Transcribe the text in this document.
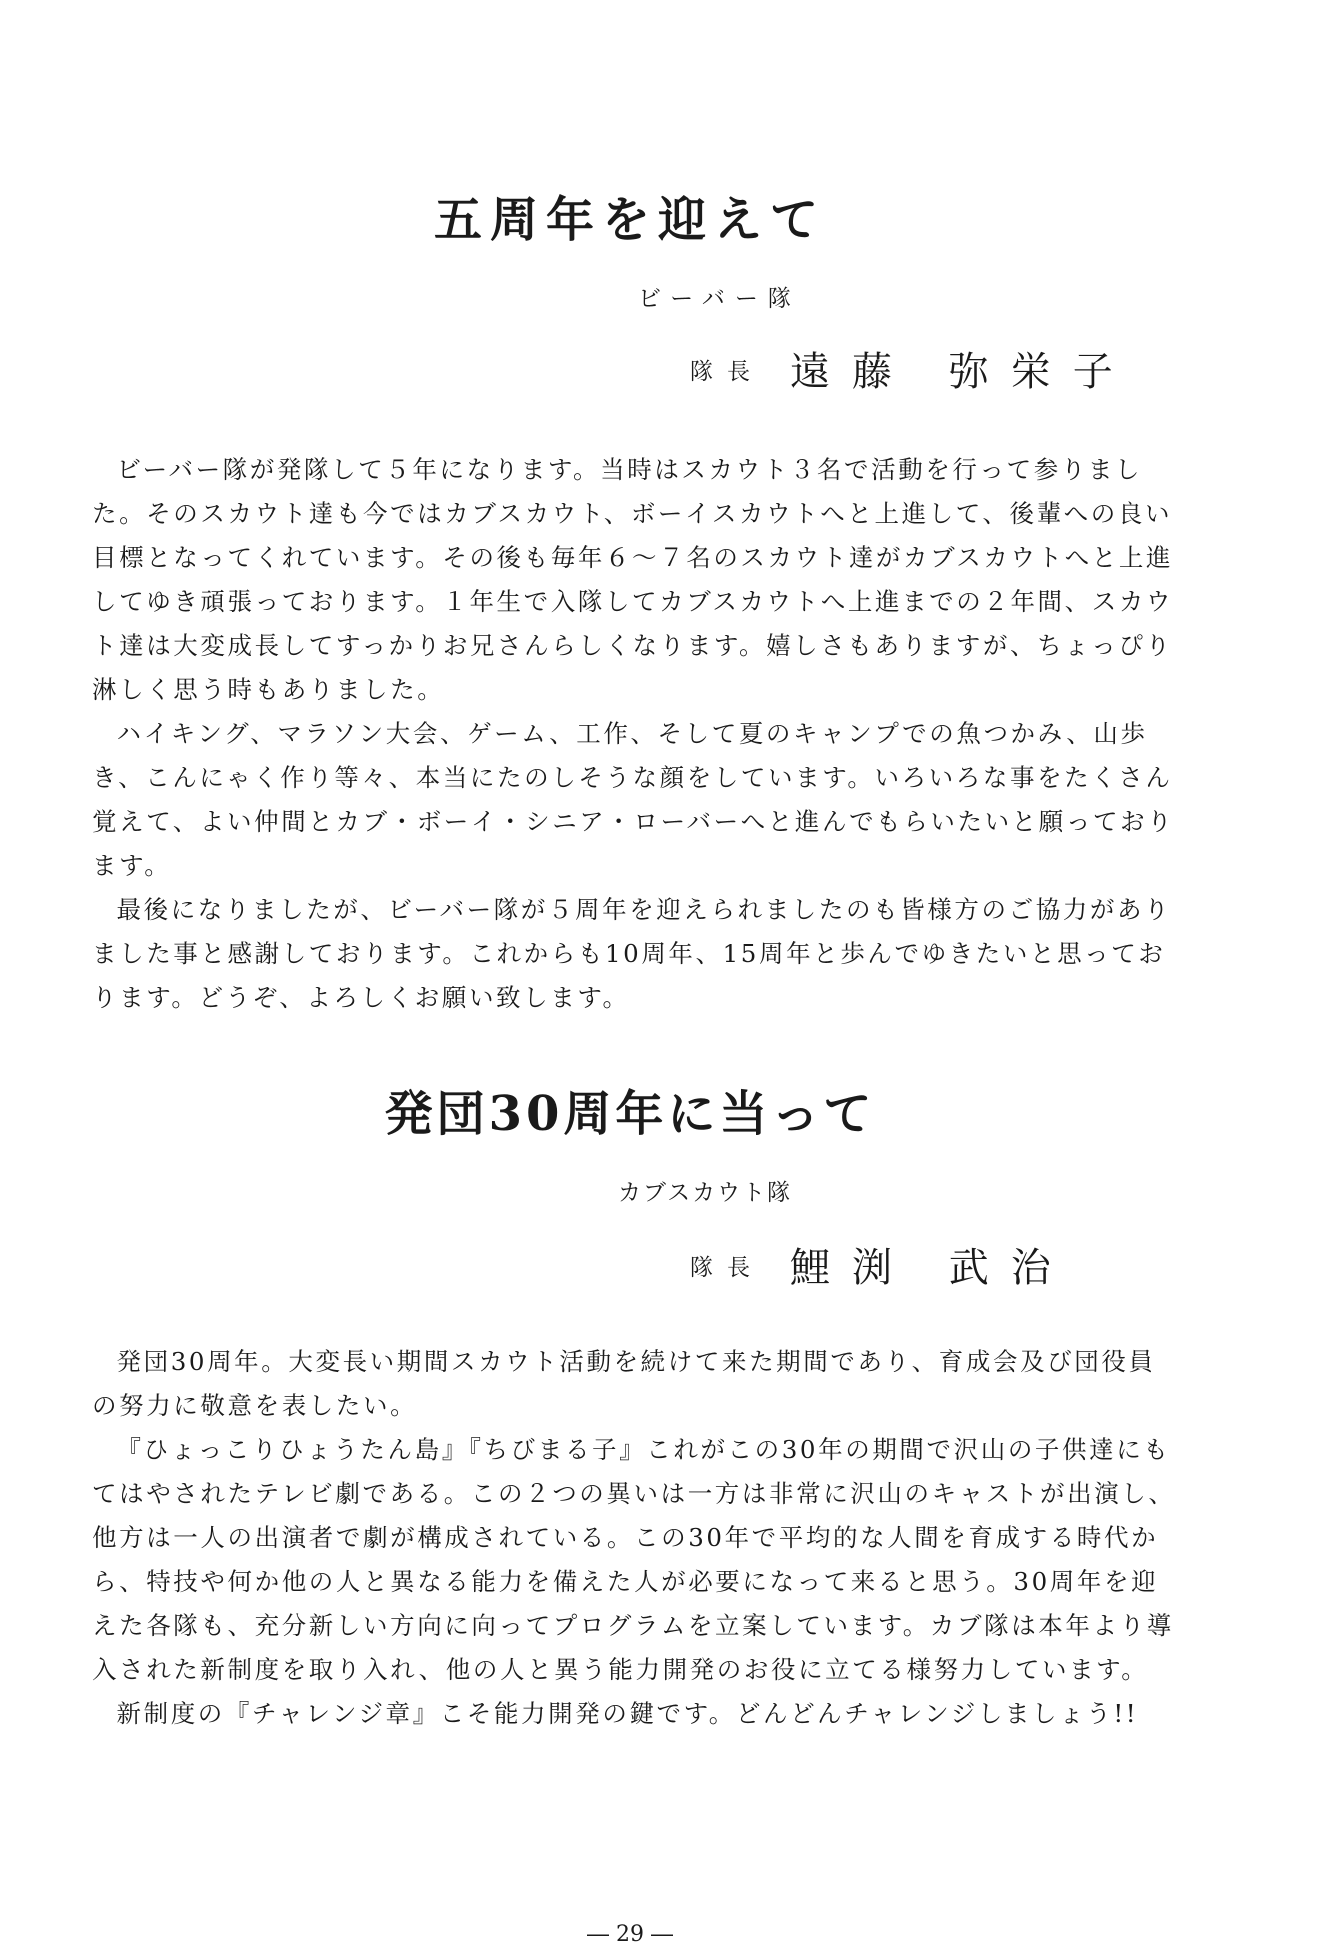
五周年を迎えて
ビーバー隊
隊長 遠藤 弥栄子

ビーバー隊が発隊して５年になります。当時はスカウト３名で活動を行って参りました。そのスカウト達も今ではカブスカウト、ボーイスカウトへと上進して、後輩への良い目標となってくれています。その後も毎年６～７名のスカウト達がカブスカウトへと上進してゆき頑張っております。１年生で入隊してカブスカウトへ上進までの２年間、スカウト達は大変成長してすっかりお兄さんらしくなります。嬉しさもありますが、ちょっぴり淋しく思う時もありました。

ハイキング、マラソン大会、ゲーム、工作、そして夏のキャンプでの魚つかみ、山歩き、こんにゃく作り等々、本当にたのしそうな顔をしています。いろいろな事をたくさん覚えて、よい仲間とカブ・ボーイ・シニア・ローバーへと進んでもらいたいと願っております。

最後になりましたが、ビーバー隊が５周年を迎えられましたのも皆様方のご協力がありました事と感謝しております。これからも10周年、15周年と歩んでゆきたいと思っております。どうぞ、よろしくお願い致します。

発団30周年に当って
カブスカウト隊
隊長 鯉渕 武治

発団30周年。大変長い期間スカウト活動を続けて来た期間であり、育成会及び団役員の努力に敬意を表したい。

『ひょっこりひょうたん島』『ちびまる子』これがこの30年の期間で沢山の子供達にもてはやされたテレビ劇である。この２つの異いは一方は非常に沢山のキャストが出演し、他方は一人の出演者で劇が構成されている。この30年で平均的な人間を育成する時代から、特技や何か他の人と異なる能力を備えた人が必要になって来ると思う。30周年を迎えた各隊も、充分新しい方向に向ってプログラムを立案しています。カブ隊は本年より導入された新制度を取り入れ、他の人と異う能力開発のお役に立てる様努力しています。

新制度の『チャレンジ章』こそ能力開発の鍵です。どんどんチャレンジしましょう!!

― 29 ―
